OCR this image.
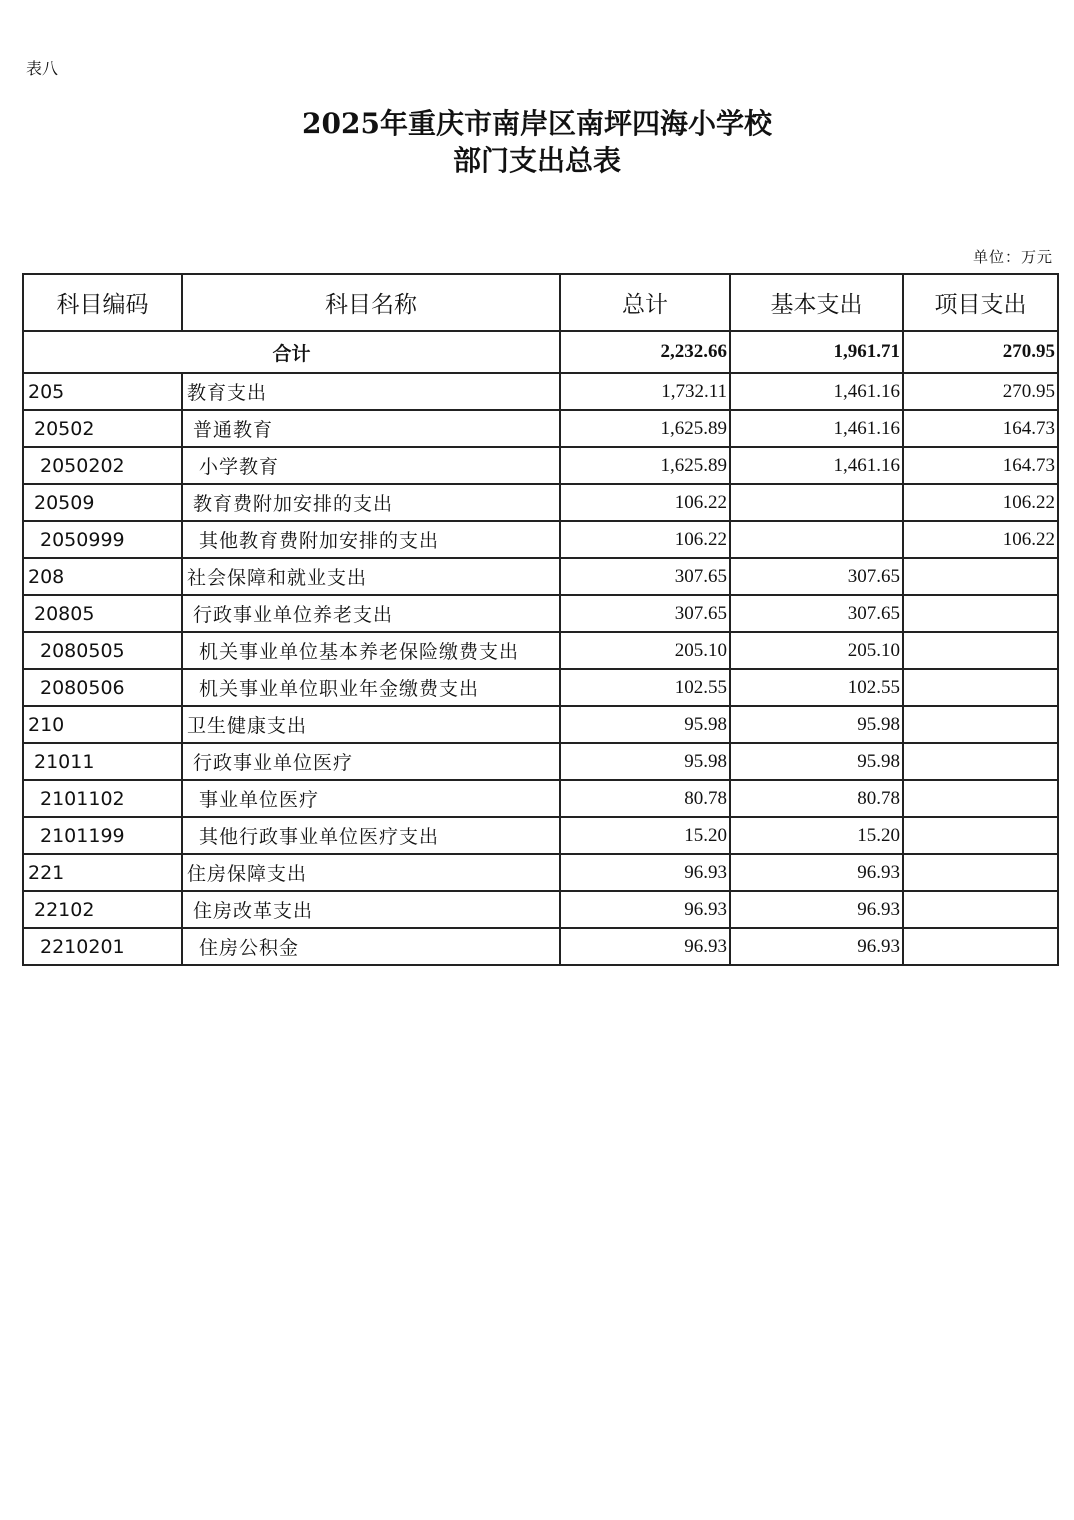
表八
2025年重庆市南岸区南坪四海小学校
部门支出总表
单位：万元
科目编码	科目名称	总计	基本支出	项目支出
合计		2,232.66	1,961.71	270.95
205	教育支出	1,732.11	1,461.16	270.95
20502	普通教育	1,625.89	1,461.16	164.73
2050202	小学教育	1,625.89	1,461.16	164.73
20509	教育费附加安排的支出	106.22		106.22
2050999	其他教育费附加安排的支出	106.22		106.22
208	社会保障和就业支出	307.65	307.65	
20805	行政事业单位养老支出	307.65	307.65	
2080505	机关事业单位基本养老保险缴费支出	205.10	205.10	
2080506	机关事业单位职业年金缴费支出	102.55	102.55	
210	卫生健康支出	95.98	95.98	
21011	行政事业单位医疗	95.98	95.98	
2101102	事业单位医疗	80.78	80.78	
2101199	其他行政事业单位医疗支出	15.20	15.20	
221	住房保障支出	96.93	96.93	
22102	住房改革支出	96.93	96.93	
2210201	住房公积金	96.93	96.93	
